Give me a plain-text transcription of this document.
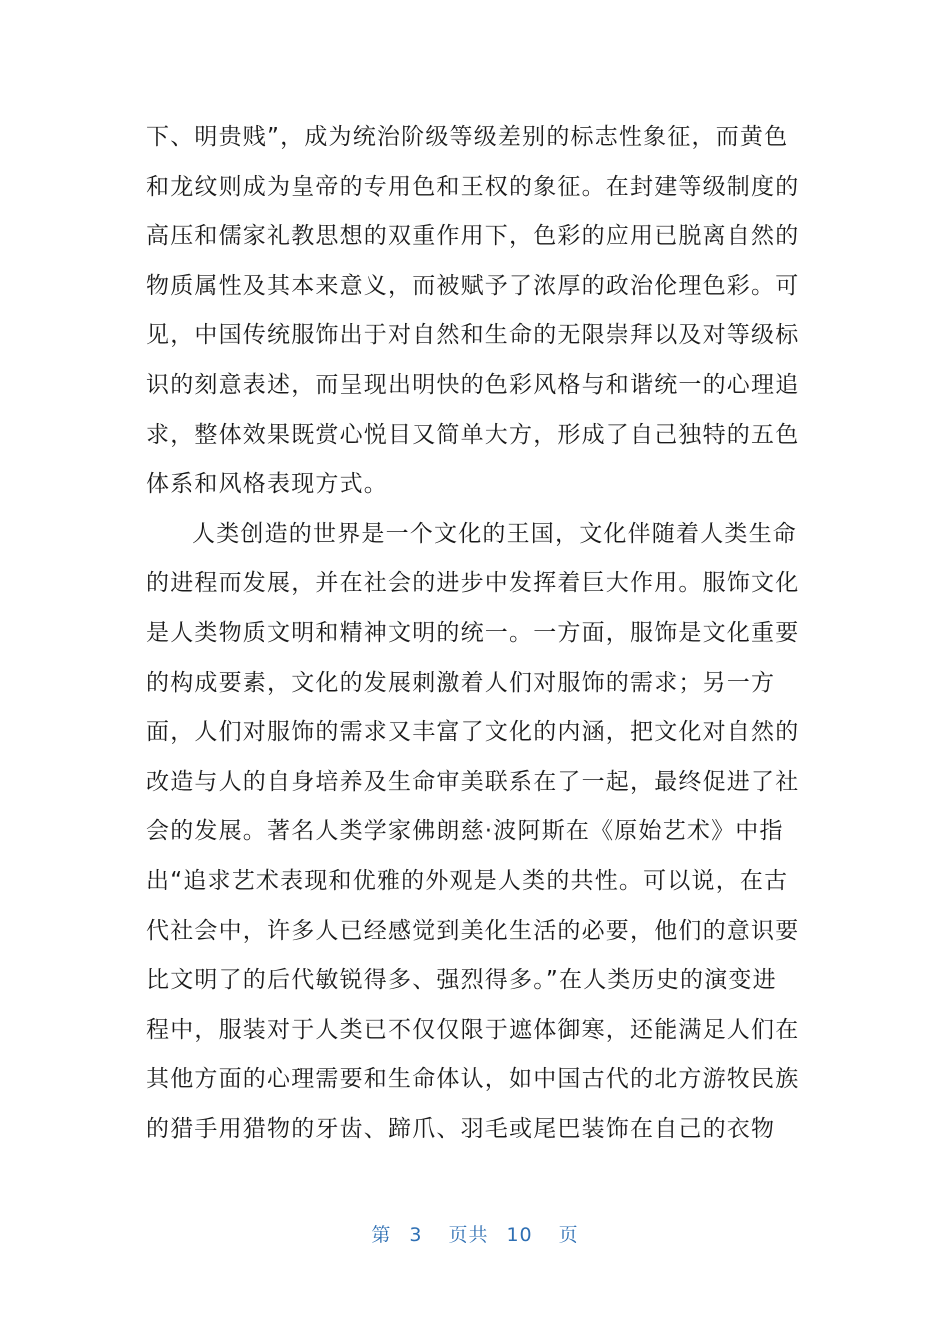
下、明贵贱”，成为统治阶级等级差别的标志性象征，而黄色
和龙纹则成为皇帝的专用色和王权的象征。在封建等级制度的
高压和儒家礼教思想的双重作用下，色彩的应用已脱离自然的
物质属性及其本来意义，而被赋予了浓厚的政治伦理色彩。可
见，中国传统服饰出于对自然和生命的无限崇拜以及对等级标
识的刻意表述，而呈现出明快的色彩风格与和谐统一的心理追
求，整体效果既赏心悦目又简单大方，形成了自己独特的五色
体系和风格表现方式。
人类创造的世界是一个文化的王国，文化伴随着人类生命
的进程而发展，并在社会的进步中发挥着巨大作用。服饰文化
是人类物质文明和精神文明的统一。一方面，服饰是文化重要
的构成要素，文化的发展刺激着人们对服饰的需求；另一方
面，人们对服饰的需求又丰富了文化的内涵，把文化对自然的
改造与人的自身培养及生命审美联系在了一起，最终促进了社
会的发展。著名人类学家佛朗慈·波阿斯在《原始艺术》中指
出“追求艺术表现和优雅的外观是人类的共性。可以说，在古
代社会中，许多人已经感觉到美化生活的必要，他们的意识要
比文明了的后代敏锐得多、强烈得多。”在人类历史的演变进
程中，服装对于人类已不仅仅限于遮体御寒，还能满足人们在
其他方面的心理需要和生命体认，如中国古代的北方游牧民族
的猎手用猎物的牙齿、蹄爪、羽毛或尾巴装饰在自己的衣物
第 3 页共 10 页
